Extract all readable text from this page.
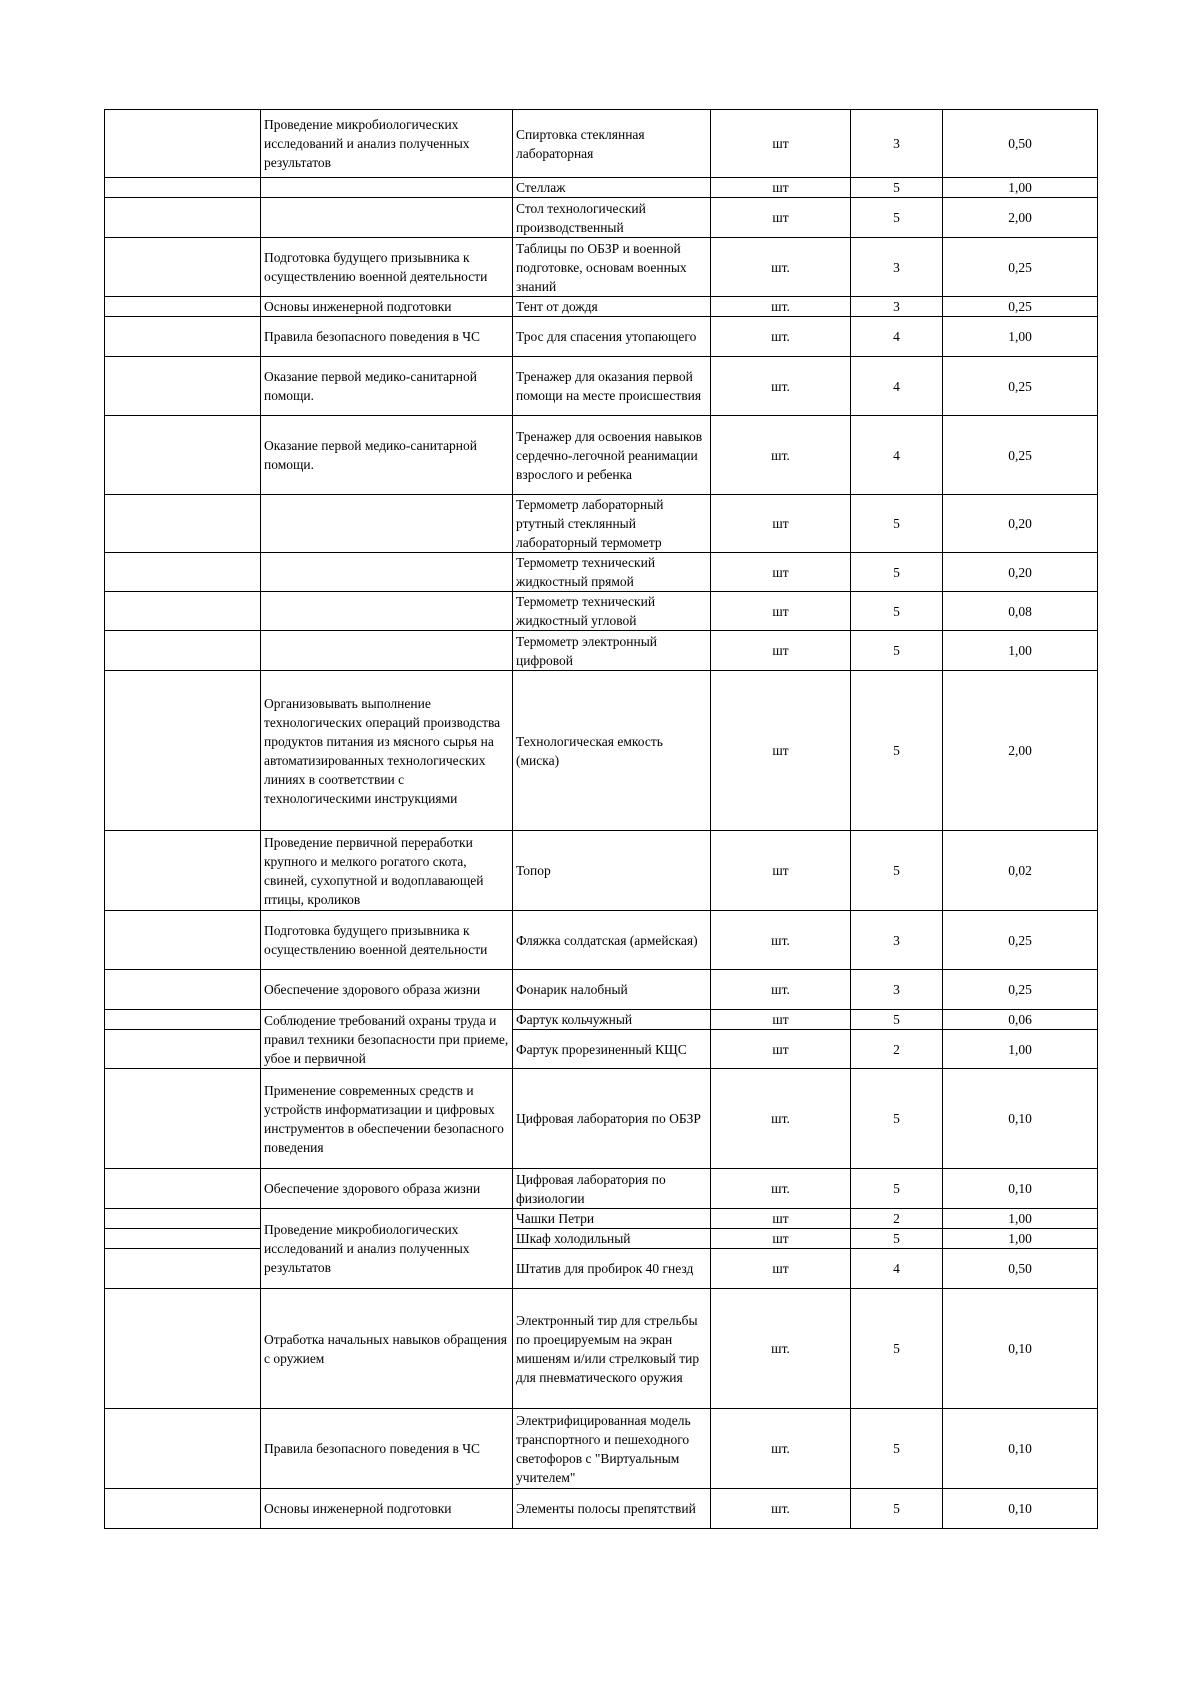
	Проведение микробиологических исследований и анализ полученных результатов	Спиртовка стеклянная лабораторная	шт	3	0,50
		Стеллаж	шт	5	1,00
		Стол технологический производственный	шт	5	2,00
	Подготовка будущего призывника к осуществлению военной деятельности	Таблицы по ОБЗР и военной подготовке, основам военных знаний	шт.	3	0,25
	Основы инженерной подготовки	Тент от дождя	шт.	3	0,25
	Правила безопасного поведения в ЧС	Трос для спасения утопающего	шт.	4	1,00
	Оказание первой медико-санитарной помощи.	Тренажер для оказания первой помощи на месте происшествия	шт.	4	0,25
	Оказание первой медико-санитарной помощи.	Тренажер для освоения навыков сердечно-легочной реанимации взрослого и ребенка	шт.	4	0,25
		Термометр лабораторный ртутный стеклянный лабораторный термометр	шт	5	0,20
		Термометр технический жидкостный прямой	шт	5	0,20
		Термометр технический жидкостный угловой	шт	5	0,08
		Термометр электронный цифровой	шт	5	1,00
	Организовывать выполнение технологических операций производства продуктов питания из мясного сырья на автоматизированных технологических линиях в соответствии с технологическими инструкциями	Технологическая емкость (миска)	шт	5	2,00
	Проведение первичной переработки крупного и мелкого рогатого скота, свиней, сухопутной и водоплавающей птицы, кроликов	Топор	шт	5	0,02
	Подготовка будущего призывника к осуществлению военной деятельности	Фляжка солдатская (армейская)	шт.	3	0,25
	Обеспечение здорового образа жизни	Фонарик налобный	шт.	3	0,25
	Соблюдение требований охраны труда и правил техники безопасности при приеме, убое и первичной	Фартук кольчужный	шт	5	0,06
		Фартук прорезиненный КЩС	шт	2	1,00
	Применение современных средств и устройств информатизации и цифровых инструментов в обеспечении безопасного поведения	Цифровая лаборатория по ОБЗР	шт.	5	0,10
	Обеспечение здорового образа жизни	Цифровая лаборатория по физиологии	шт.	5	0,10
	Проведение микробиологических исследований и анализ полученных результатов	Чашки Петри	шт	2	1,00
		Шкаф холодильный	шт	5	1,00
		Штатив для пробирок 40 гнезд	шт	4	0,50
	Отработка начальных навыков обращения с оружием	Электронный тир для стрельбы по проецируемым на экран мишеням и/или стрелковый тир для пневматического оружия	шт.	5	0,10
	Правила безопасного поведения в ЧС	Электрифицированная модель транспортного и пешеходного светофоров с "Виртуальным учителем"	шт.	5	0,10
	Основы инженерной подготовки	Элементы полосы препятствий	шт.	5	0,10
